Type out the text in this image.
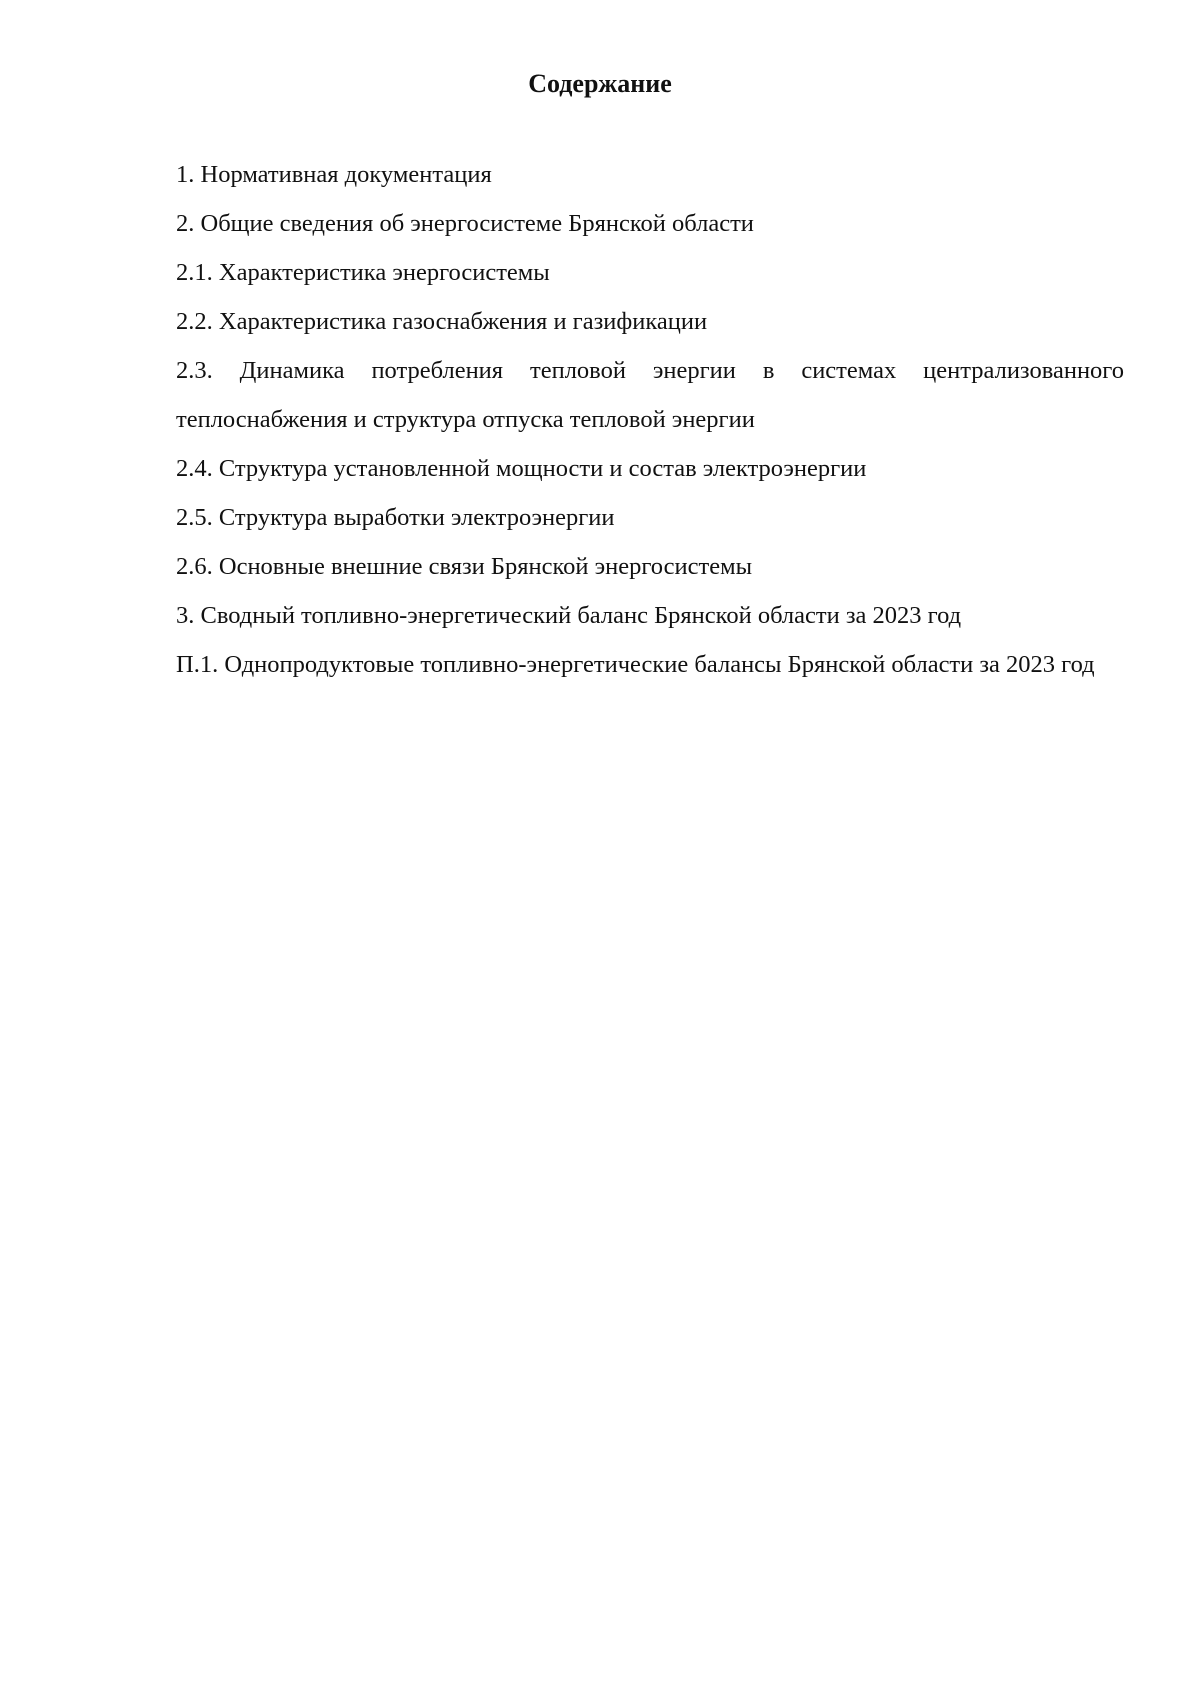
Содержание
1. Нормативная документация
2. Общие сведения об энергосистеме Брянской области
2.1. Характеристика энергосистемы
2.2. Характеристика газоснабжения и газификации
2.3. Динамика потребления тепловой энергии в системах централизованного теплоснабжения и структура отпуска тепловой энергии
2.4. Структура установленной мощности и состав электроэнергии
2.5. Структура выработки электроэнергии
2.6. Основные внешние связи Брянской энергосистемы
3. Сводный топливно-энергетический баланс Брянской области за 2023 год
П.1. Однопродуктовые топливно-энергетические балансы Брянской области за 2023 год
